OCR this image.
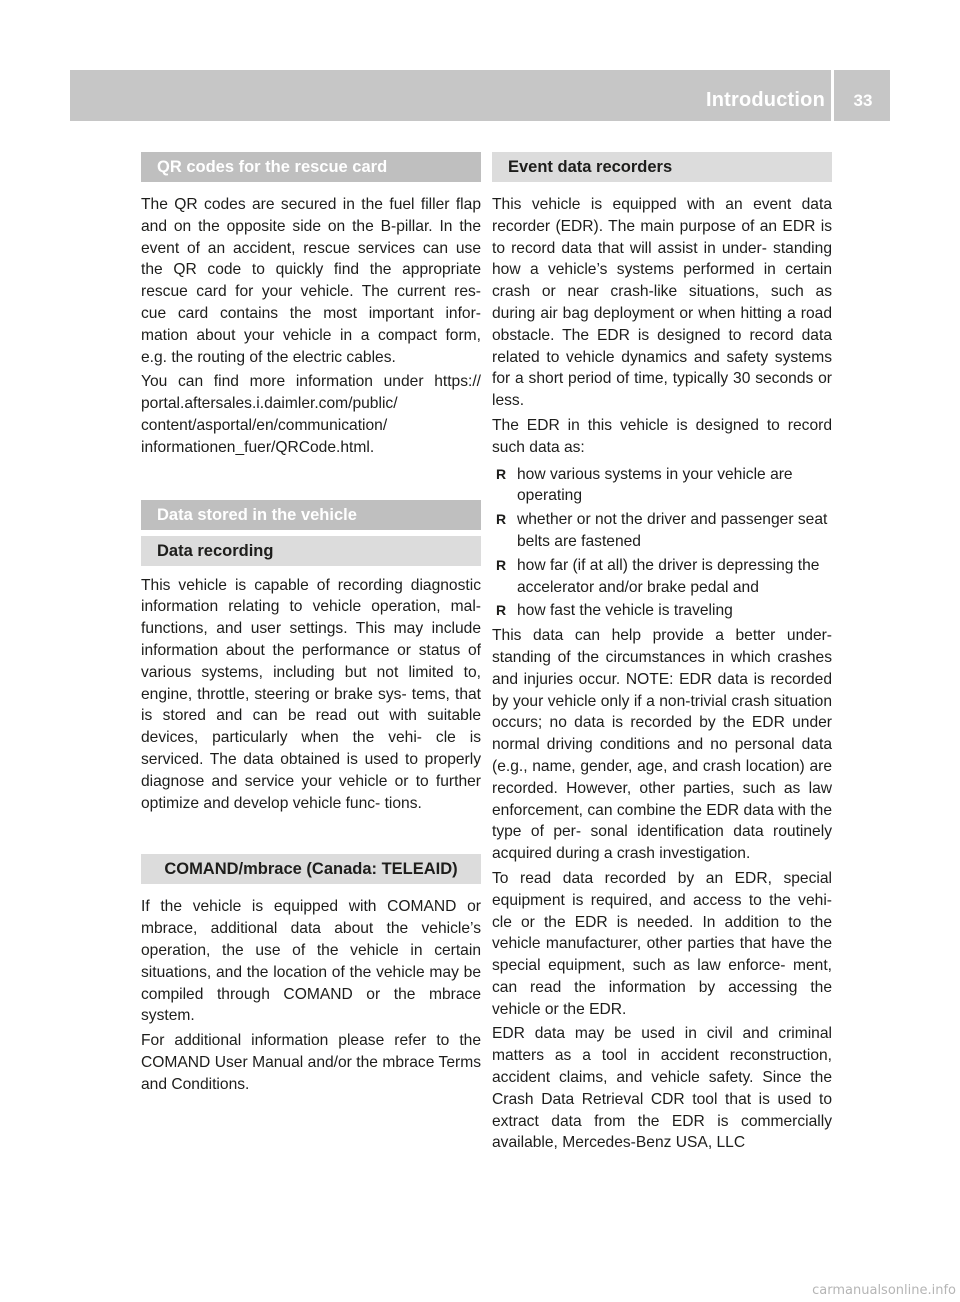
Introduction	33
QR codes for the rescue card

The QR codes are secured in the fuel filler flap and on the opposite side on the B-pillar. In the event of an accident, rescue services can use the QR code to quickly find the appropriate rescue card for your vehicle. The current res- cue card contains the most important infor- mation about your vehicle in a compact form, e.g. the routing of the electric cables.

You can find more information under https:// portal.aftersales.i.daimler.com/public/ content/asportal/en/communication/ informationen_fuer/QRCode.html.

Data stored in the vehicle
Data recording

This vehicle is capable of recording diagnostic information relating to vehicle operation, mal- functions, and user settings. This may include information about the performance or status of various systems, including but not limited to, engine, throttle, steering or brake sys- tems, that is stored and can be read out with suitable devices, particularly when the vehi- cle is serviced. The data obtained is used to properly diagnose and service your vehicle or to further optimize and develop vehicle func- tions.

COMAND/mbrace (Canada: TELEAID)

If the vehicle is equipped with COMAND or mbrace, additional data about the vehicle’s operation, the use of the vehicle in certain situations, and the location of the vehicle may be compiled through COMAND or the mbrace system.

For additional information please refer to the COMAND User Manual and/or the mbrace Terms and Conditions.

Event data recorders

This vehicle is equipped with an event data recorder (EDR). The main purpose of an EDR is to record data that will assist in under- standing how a vehicle’s systems performed in certain crash or near crash-like situations, such as during air bag deployment or when hitting a road obstacle. The EDR is designed to record data related to vehicle dynamics and safety systems for a short period of time, typically 30 seconds or less.

The EDR in this vehicle is designed to record such data as:

R how various systems in your vehicle are operating
R whether or not the driver and passenger seat belts are fastened
R how far (if at all) the driver is depressing the accelerator and/or brake pedal and
R how fast the vehicle is traveling

This data can help provide a better under- standing of the circumstances in which crashes and injuries occur. NOTE: EDR data is recorded by your vehicle only if a non-trivial crash situation occurs; no data is recorded by the EDR under normal driving conditions and no personal data (e.g., name, gender, age, and crash location) are recorded. However, other parties, such as law enforcement, can combine the EDR data with the type of per- sonal identification data routinely acquired during a crash investigation.

To read data recorded by an EDR, special equipment is required, and access to the vehi- cle or the EDR is needed. In addition to the vehicle manufacturer, other parties that have the special equipment, such as law enforce- ment, can read the information by accessing the vehicle or the EDR.

EDR data may be used in civil and criminal matters as a tool in accident reconstruction, accident claims, and vehicle safety. Since the Crash Data Retrieval CDR tool that is used to extract data from the EDR is commercially available, Mercedes-Benz USA, LLC

carmanualsonline.info
